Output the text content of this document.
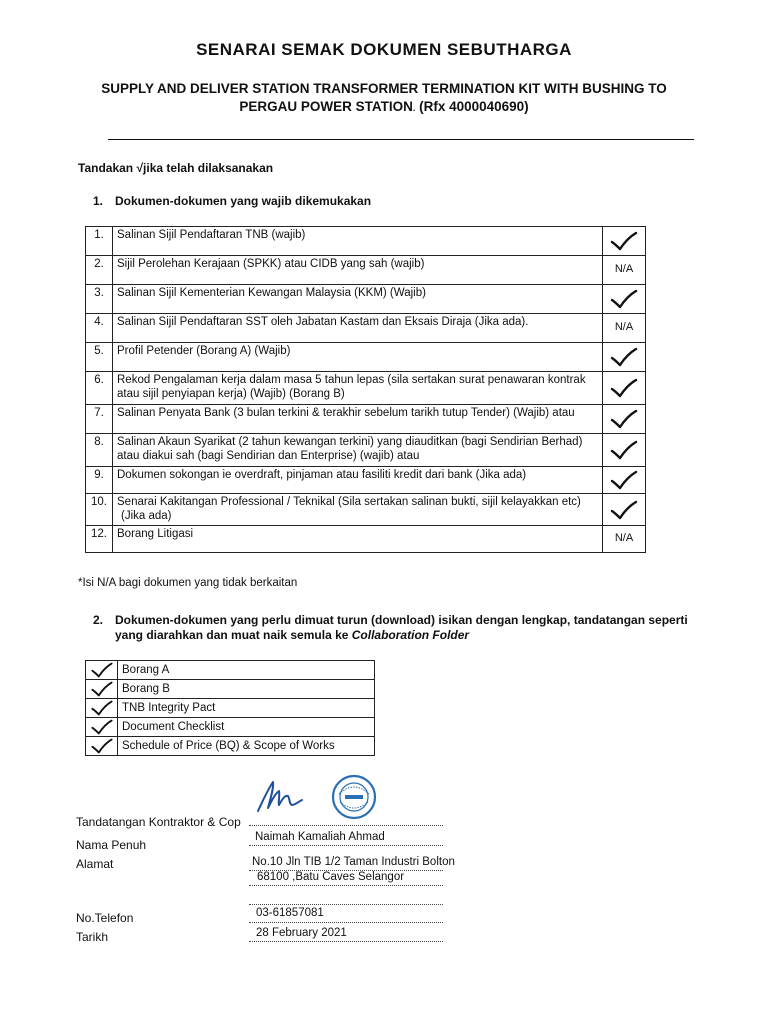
SENARAI SEMAK DOKUMEN SEBUTHARGA
SUPPLY AND DELIVER STATION TRANSFORMER TERMINATION KIT WITH BUSHING TO
PERGAU POWER STATION. (Rfx 4000040690)
Tandakan √jika telah dilaksanakan
1. Dokumen-dokumen yang wajib dikemukakan
1.	Salinan Sijil Pendaftaran TNB (wajib)

2.	Sijil Perolehan Kerajaan (SPKK) atau CIDB yang sah (wajib)	N/A
3.	Salinan Sijil Kementerian Kewangan Malaysia (KKM) (Wajib)

4.	Salinan Sijil Pendaftaran SST oleh Jabatan Kastam dan Eksais Diraja (Jika ada).	N/A
5.	Profil Petender (Borang A) (Wajib)

6.	Rekod Pengalaman kerja dalam masa 5 tahun lepas (sila sertakan surat penawaran kontrak
atau sijil penyiapan kerja) (Wajib) (Borang B)

7.	Salinan Penyata Bank (3 bulan terkini & terakhir sebelum tarikh tutup Tender) (Wajib) atau

8.	Salinan Akaun Syarikat (2 tahun kewangan terkini) yang diauditkan (bagi Sendirian Berhad)
atau diakui sah (bagi Sendirian dan Enterprise) (wajib) atau

9.	Dokumen sokongan ie overdraft, pinjaman atau fasiliti kredit dari bank (Jika ada)

10.	Senarai Kakitangan Professional / Teknikal (Sila sertakan salinan bukti, sijil kelayakkan etc)
(Jika ada)

12.	Borang Litigasi	N/A
*Isi N/A bagi dokumen yang tidak berkaitan
2. Dokumen-dokumen yang perlu dimuat turun (download) isikan dengan lengkap, tandatangan seperti
yang diarahkan dan muat naik semula ke Collaboration Folder
	Borang A

	Borang B

	TNB Integrity Pact

	Document Checklist

	Schedule of Price (BQ) & Scope of Works
Tandatangan Kontraktor & Cop
Nama Penuh
Naimah Kamaliah Ahmad
Alamat	No.10 Jln TIB 1/2 Taman Industri Bolton
68100 ,Batu Caves Selangor
No.Telefon	03-61857081
Tarikh	28 February 2021
